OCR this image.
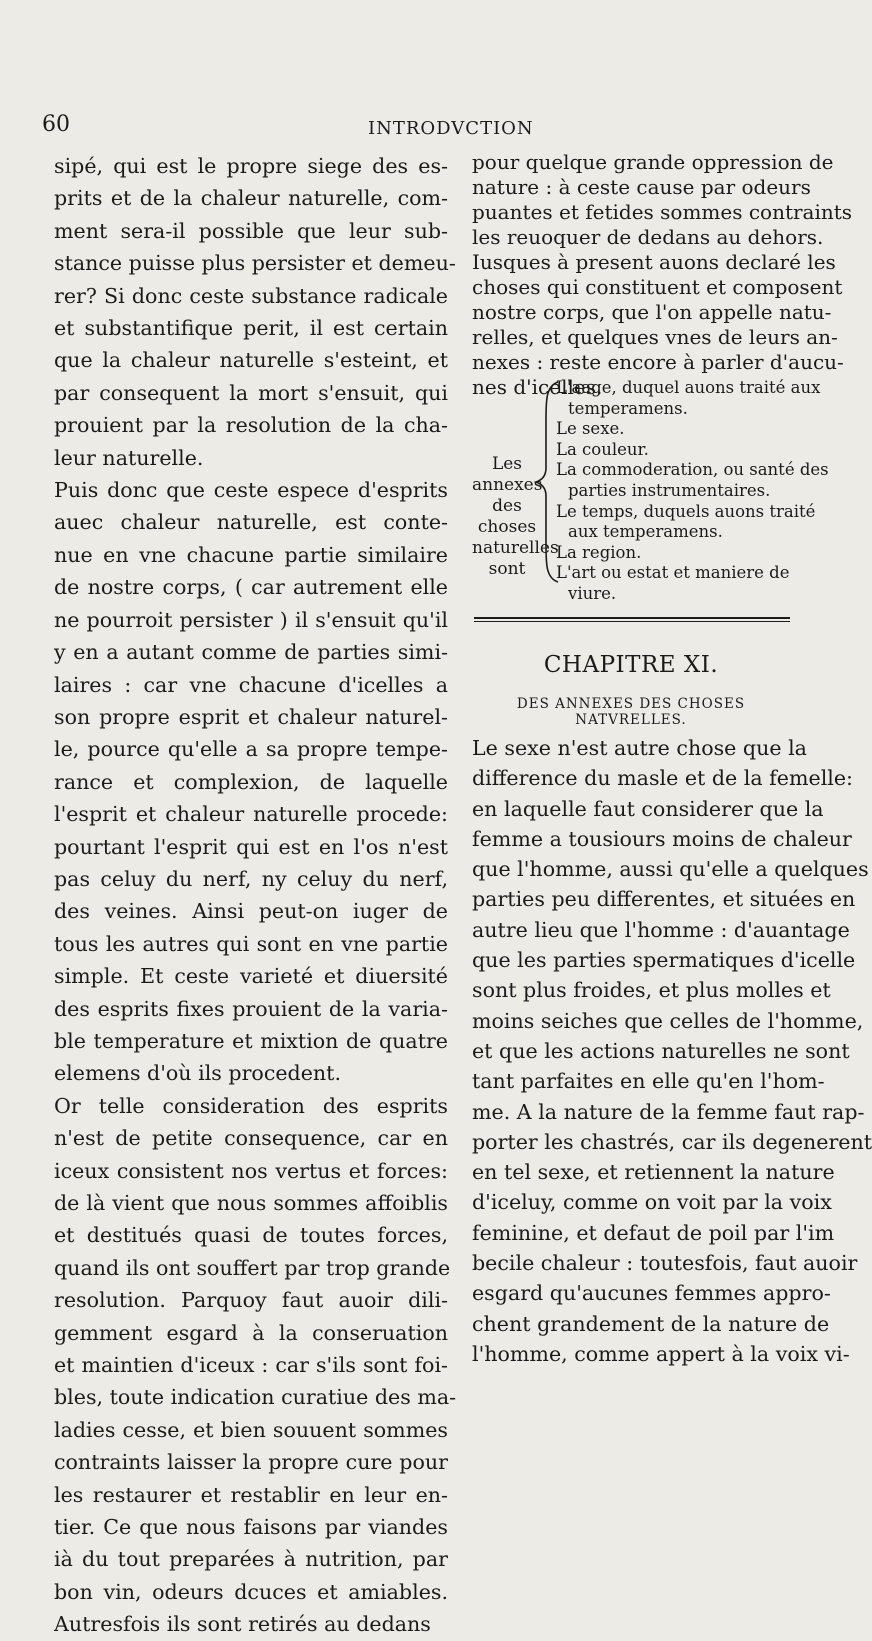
60	INTRODVCTION
sipé, qui est le propre siege des es-
prits et de la chaleur naturelle, com-
ment sera-il possible que leur sub-
stance puisse plus persister et demeu-
rer? Si donc ceste substance radicale
et substantifique perit, il est certain
que la chaleur naturelle s'esteint, et
par consequent la mort s'ensuit, qui
prouient par la resolution de la cha-
leur naturelle.
Puis donc que ceste espece d'esprits
auec chaleur naturelle, est conte-
nue en vne chacune partie similaire
de nostre corps, ( car autrement elle
ne pourroit persister ) il s'ensuit qu'il
y en a autant comme de parties simi-
laires : car vne chacune d'icelles a
son propre esprit et chaleur naturel-
le, pource qu'elle a sa propre tempe-
rance et complexion, de laquelle
l'esprit et chaleur naturelle procede:
pourtant l'esprit qui est en l'os n'est
pas celuy du nerf, ny celuy du nerf,
des veines. Ainsi peut-on iuger de
tous les autres qui sont en vne partie
simple. Et ceste varieté et diuersité
des esprits fixes prouient de la varia-
ble temperature et mixtion de quatre
elemens d'où ils procedent.
Or telle consideration des esprits
n'est de petite consequence, car en
iceux consistent nos vertus et forces:
de là vient que nous sommes affoiblis
et destitués quasi de toutes forces,
quand ils ont souffert par trop grande
resolution. Parquoy faut auoir dili-
gemment esgard à la conseruation
et maintien d'iceux : car s'ils sont foi-
bles, toute indication curatiue des ma-
ladies cesse, et bien souuent sommes
contraints laisser la propre cure pour
les restaurer et restablir en leur en-
tier. Ce que nous faisons par viandes
ià du tout preparées à nutrition, par
bon vin, odeurs dcuces et amiables.
Autresfois ils sont retirés au dedans
pour quelque grande oppression de
nature : à ceste cause par odeurs
puantes et fetides sommes contraints
les reuoquer de dedans au dehors.
Iusques à present auons declaré les
choses qui constituent et composent
nostre corps, que l'on appelle natu-
relles, et quelques vnes de leurs an-
nexes : reste encore à parler d'aucu-
nes d'icelles.
Les
annexes
des
choses
naturelles
sont
L'aage, duquel auons traité aux
temperamens.
Le sexe.
La couleur.
La commoderation, ou santé des
parties instrumentaires.
Le temps, duquels auons traité
aux temperamens.
La region.
L'art ou estat et maniere de
viure.
CHAPITRE XI.
DES ANNEXES DES CHOSES NATVRELLES.
Le sexe n'est autre chose que la
difference du masle et de la femelle:
en laquelle faut considerer que la
femme a tousiours moins de chaleur
que l'homme, aussi qu'elle a quelques
parties peu differentes, et situées en
autre lieu que l'homme : d'auantage
que les parties spermatiques d'icelle
sont plus froides, et plus molles et
moins seiches que celles de l'homme,
et que les actions naturelles ne sont
tant parfaites en elle qu'en l'hom-
me. A la nature de la femme faut rap-
porter les chastrés, car ils degenerent
en tel sexe, et retiennent la nature
d'iceluy, comme on voit par la voix
feminine, et defaut de poil par l'im
becile chaleur : toutesfois, faut auoir
esgard qu'aucunes femmes appro-
chent grandement de la nature de
l'homme, comme appert à la voix vi-
